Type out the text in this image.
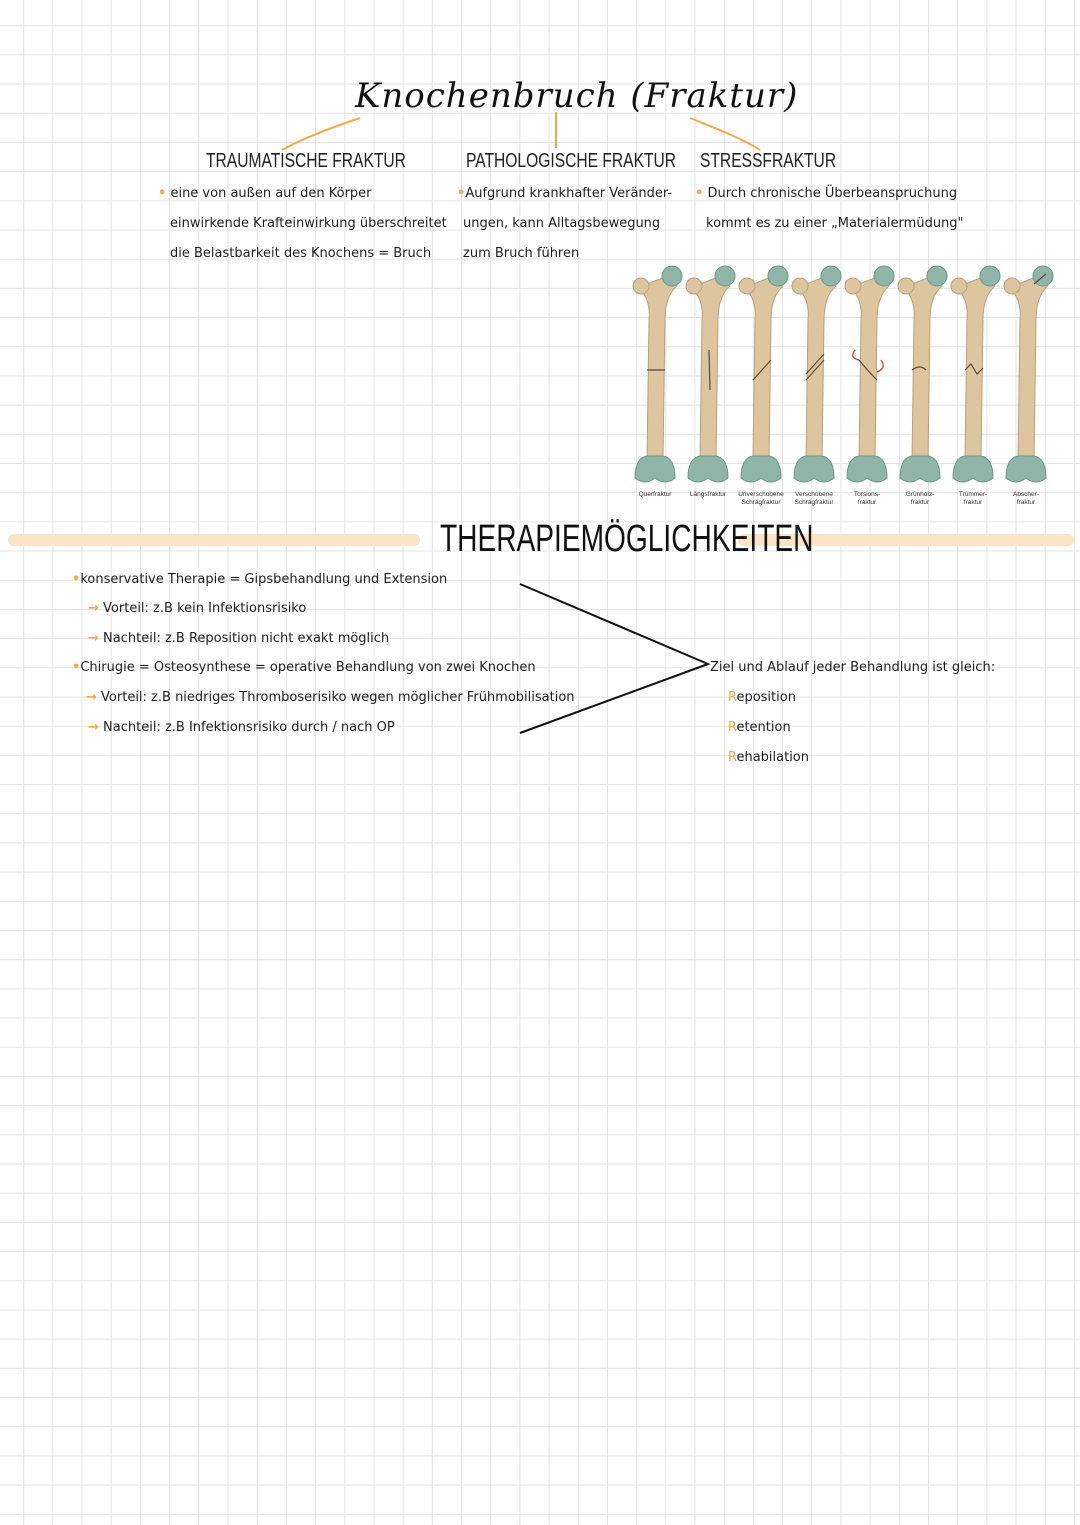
Knochenbruch (Fraktur)
TRAUMATISCHE FRAKTUR	PATHOLOGISCHE FRAKTUR STRESSFRAKTUR
• eine von außen auf den Körper
einwirkende Krafteinwirkung überschreitet
die Belastbarkeit des Knochens = Bruch
•Aufgrund krankhafter Veränder-
ungen, kann Alltagsbewegung
zum Bruch führen
• Durch chronische Überbeanspruchung
kommt es zu einer „Materialermüdung"
Querfraktur	Längsfraktur Unverschobene
Schrägfraktur
Verschobene
Schrägfraktur
Torsions-
fraktur
Grünholz-
fraktur
Trümmer-
fraktur
Abscher-
fraktur
THERAPIEMÖGLICHKEITEN
•konservative Therapie = Gipsbehandlung und Extension
→ Vorteil: z.B kein Infektionsrisiko
→ Nachteil: z.B Reposition nicht exakt möglich
•Chirugie = Osteosynthese = operative Behandlung von zwei Knochen
→ Vorteil: z.B niedriges Thromboserisiko wegen möglicher Frühmobilisation
→ Nachteil: z.B Infektionsrisiko durch / nach OP
Ziel und Ablauf jeder Behandlung ist gleich:
Reposition
Retention
Rehabilation
